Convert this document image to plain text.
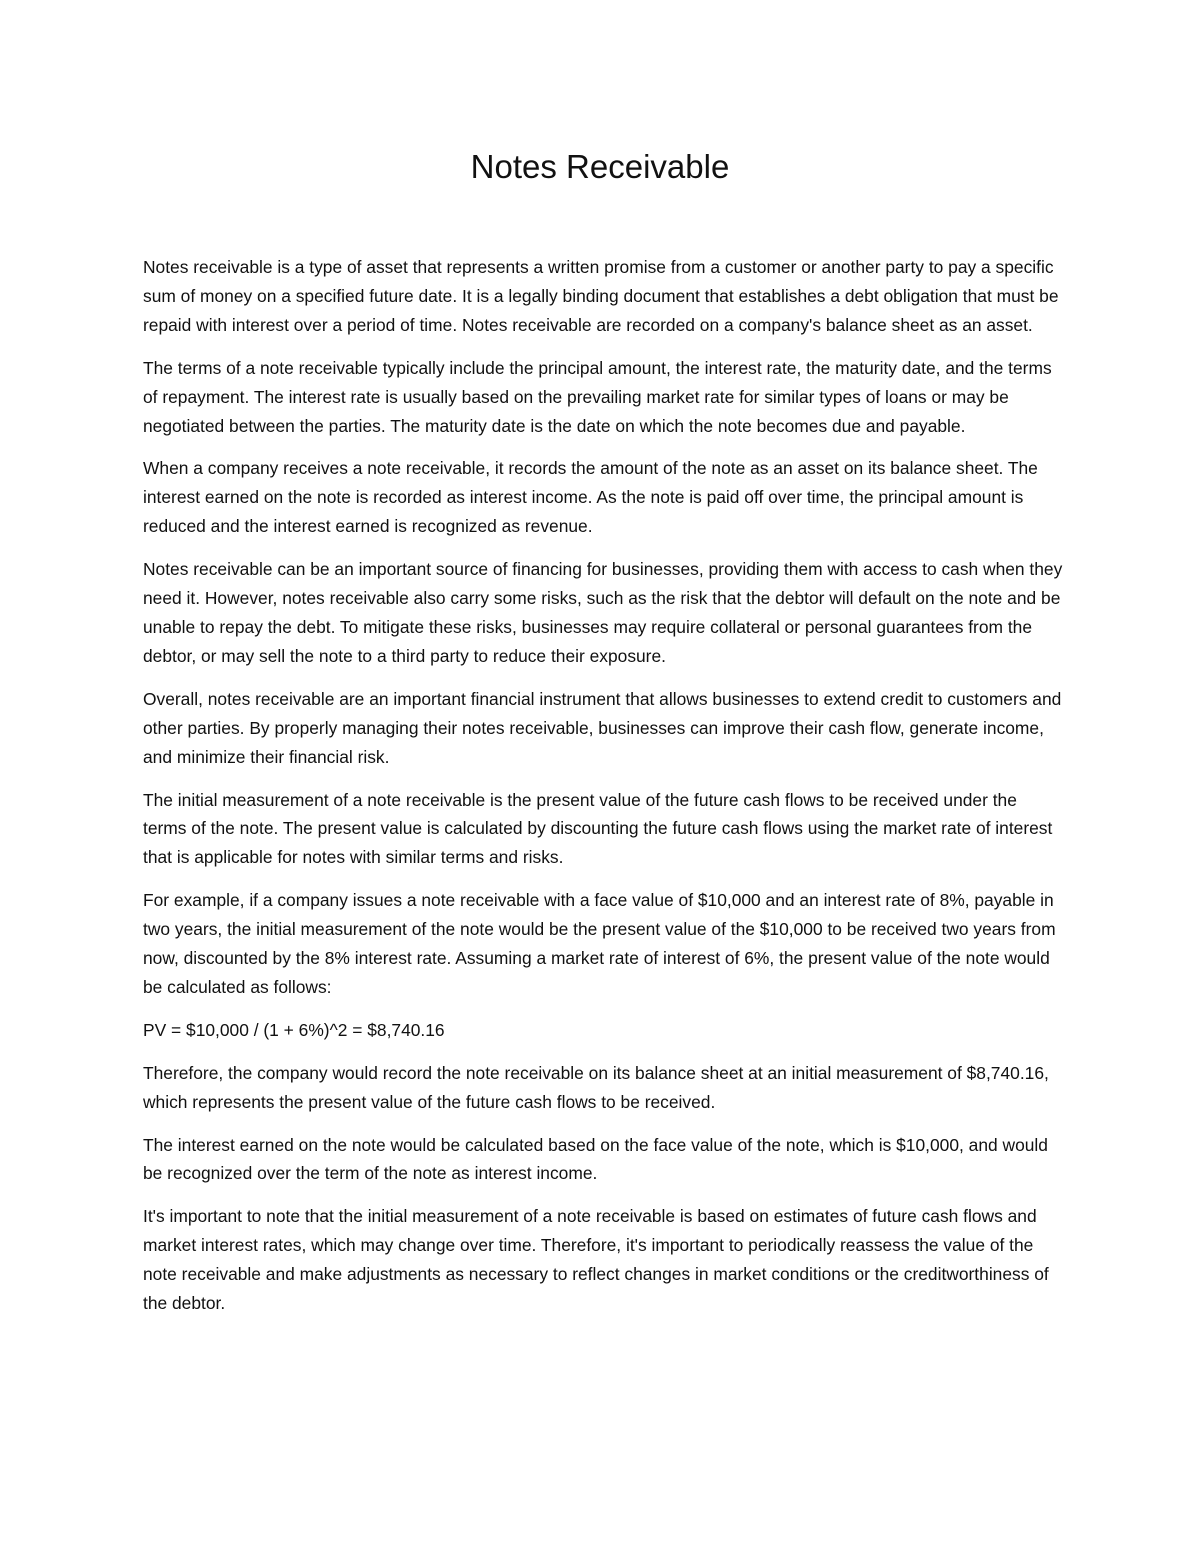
Notes Receivable

Notes receivable is a type of asset that represents a written promise from a customer or another party to pay a specific sum of money on a specified future date. It is a legally binding document that establishes a debt obligation that must be repaid with interest over a period of time. Notes receivable are recorded on a company's balance sheet as an asset.

The terms of a note receivable typically include the principal amount, the interest rate, the maturity date, and the terms of repayment. The interest rate is usually based on the prevailing market rate for similar types of loans or may be negotiated between the parties. The maturity date is the date on which the note becomes due and payable.

When a company receives a note receivable, it records the amount of the note as an asset on its balance sheet. The interest earned on the note is recorded as interest income. As the note is paid off over time, the principal amount is reduced and the interest earned is recognized as revenue.

Notes receivable can be an important source of financing for businesses, providing them with access to cash when they need it. However, notes receivable also carry some risks, such as the risk that the debtor will default on the note and be unable to repay the debt. To mitigate these risks, businesses may require collateral or personal guarantees from the debtor, or may sell the note to a third party to reduce their exposure.

Overall, notes receivable are an important financial instrument that allows businesses to extend credit to customers and other parties. By properly managing their notes receivable, businesses can improve their cash flow, generate income, and minimize their financial risk.

The initial measurement of a note receivable is the present value of the future cash flows to be received under the terms of the note. The present value is calculated by discounting the future cash flows using the market rate of interest that is applicable for notes with similar terms and risks.

For example, if a company issues a note receivable with a face value of $10,000 and an interest rate of 8%, payable in two years, the initial measurement of the note would be the present value of the $10,000 to be received two years from now, discounted by the 8% interest rate. Assuming a market rate of interest of 6%, the present value of the note would be calculated as follows:

PV = $10,000 / (1 + 6%)^2 = $8,740.16

Therefore, the company would record the note receivable on its balance sheet at an initial measurement of $8,740.16, which represents the present value of the future cash flows to be received.

The interest earned on the note would be calculated based on the face value of the note, which is $10,000, and would be recognized over the term of the note as interest income.

It's important to note that the initial measurement of a note receivable is based on estimates of future cash flows and market interest rates, which may change over time. Therefore, it's important to periodically reassess the value of the note receivable and make adjustments as necessary to reflect changes in market conditions or the creditworthiness of the debtor.
